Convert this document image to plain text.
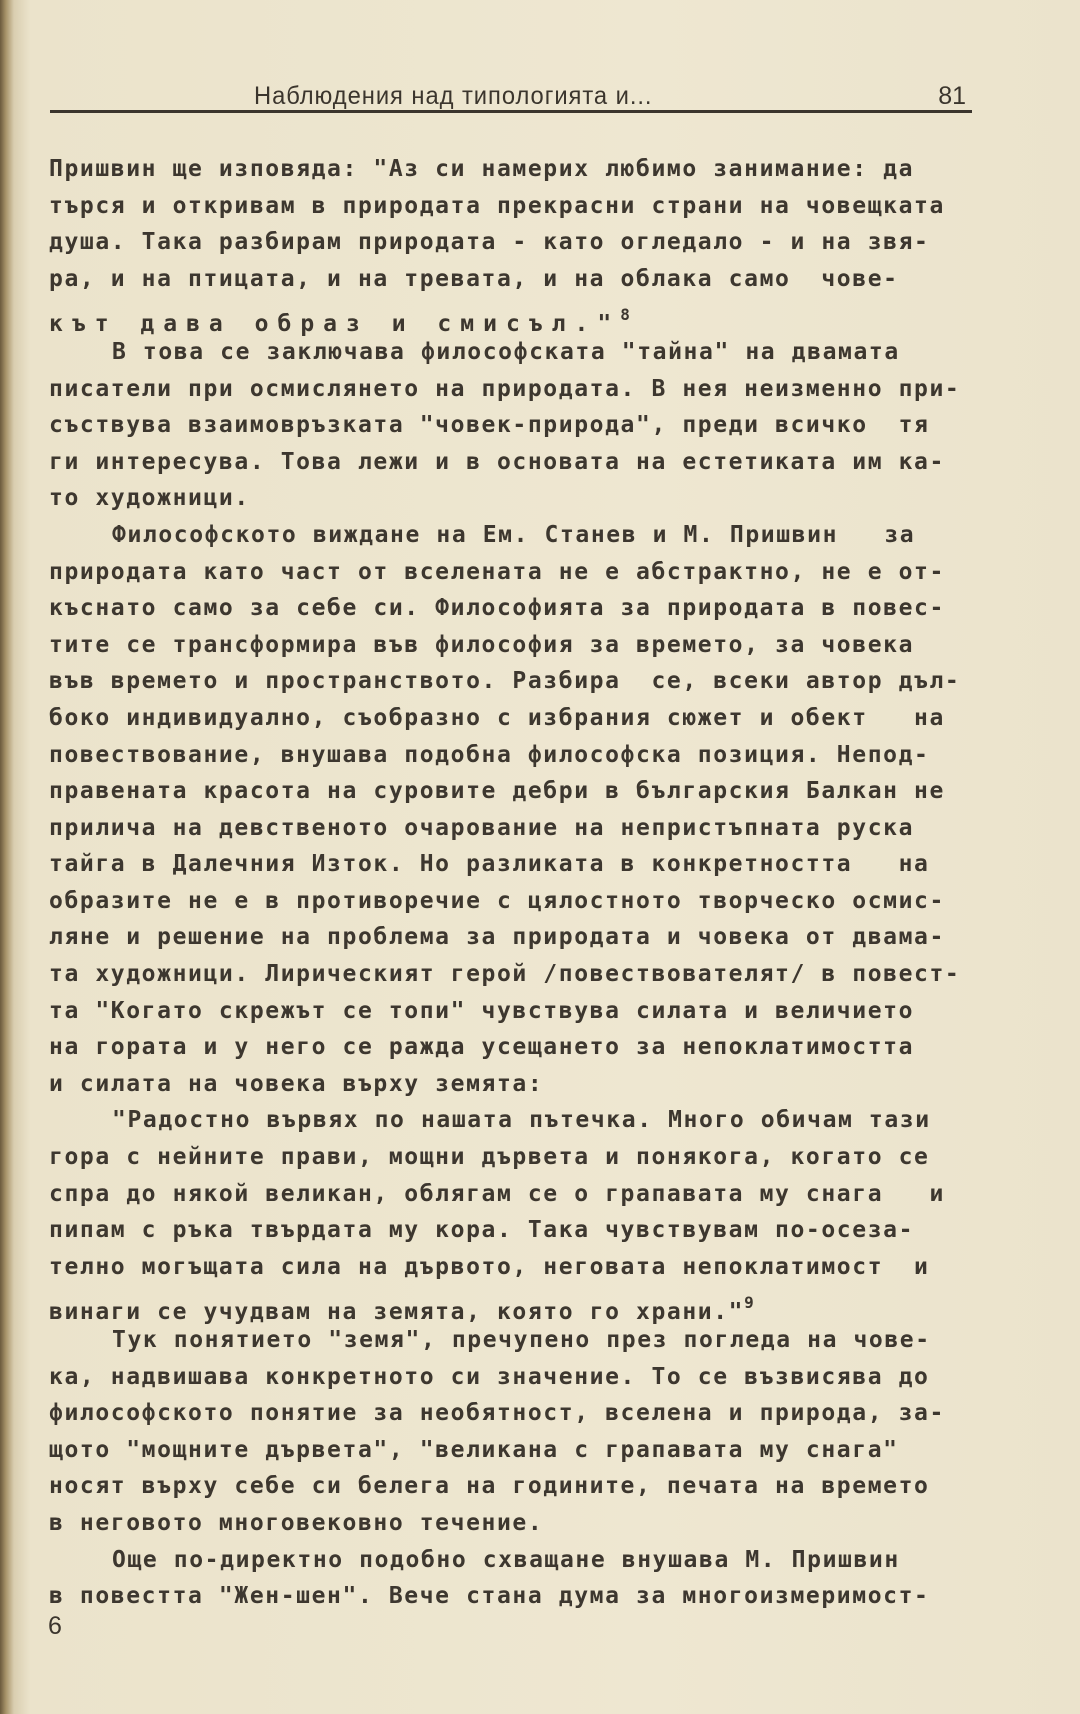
Наблюдения над типологията и...	81
Пришвин ще изповяда: "Аз си намерих любимо занимание: да
търся и откривам в природата прекрасни страни на човещката
душа. Така разбирам природата - като огледало - и на звя-
ра, и на птицата, и на тревата, и на облака само  чове-
кът дава образ и смисъл."$^8$
В това се заключава философската "тайна" на двамата
писатели при осмислянето на природата. В нея неизменно при-
съствува взаимовръзката "човек-природа", преди всичко  тя
ги интересува. Това лежи и в основата на естетиката им ка-
то художници.
Философското виждане на Ем. Станев и М. Пришвин   за
природата като част от вселената не е абстрактно, не е от-
къснато само за себе си. Философията за природата в повес-
тите се трансформира във философия за времето, за човека
във времето и пространството. Разбира  се, всеки автор дъл-
боко индивидуално, съобразно с избрания сюжет и обект   на
повествование, внушава подобна философска позиция. Непод-
правената красота на суровите дебри в българския Балкан не
прилича на девственото очарование на непристъпната руска
тайга в Далечния Изток. Но разликата в конкретността   на
образите не е в противоречие с цялостното творческо осмис-
ляне и решение на проблема за природата и човека от двама-
та художници. Лирическият герой /повествователят/ в повест-
та "Когато скрежът се топи" чувствува силата и величието
на гората и у него се ражда усещането за непоклатимостта
и силата на човека върху земята:
"Радостно вървях по нашата пътечка. Много обичам тази
гора с нейните прави, мощни дървета и понякога, когато се
спра до някой великан, облягам се о грапавата му снага   и
пипам с ръка твърдата му кора. Така чувствувам по-осеза-
телно могъщата сила на дървото, неговата непоклатимост  и
винаги се учудвам на земята, която го храни."$^9$
Тук понятието "земя", пречупено през погледа на чове-
ка, надвишава конкретното си значение. То се възвисява до
философското понятие за необятност, вселена и природа, за-
щото "мощните дървета", "великана с грапавата му снага"
носят върху себе си белега на годините, печата на времето
в неговото многовековно течение.
Още по-директно подобно схващане внушава М. Пришвин
в повестта "Жен-шен". Вече стана дума за многоизмеримост-
6
